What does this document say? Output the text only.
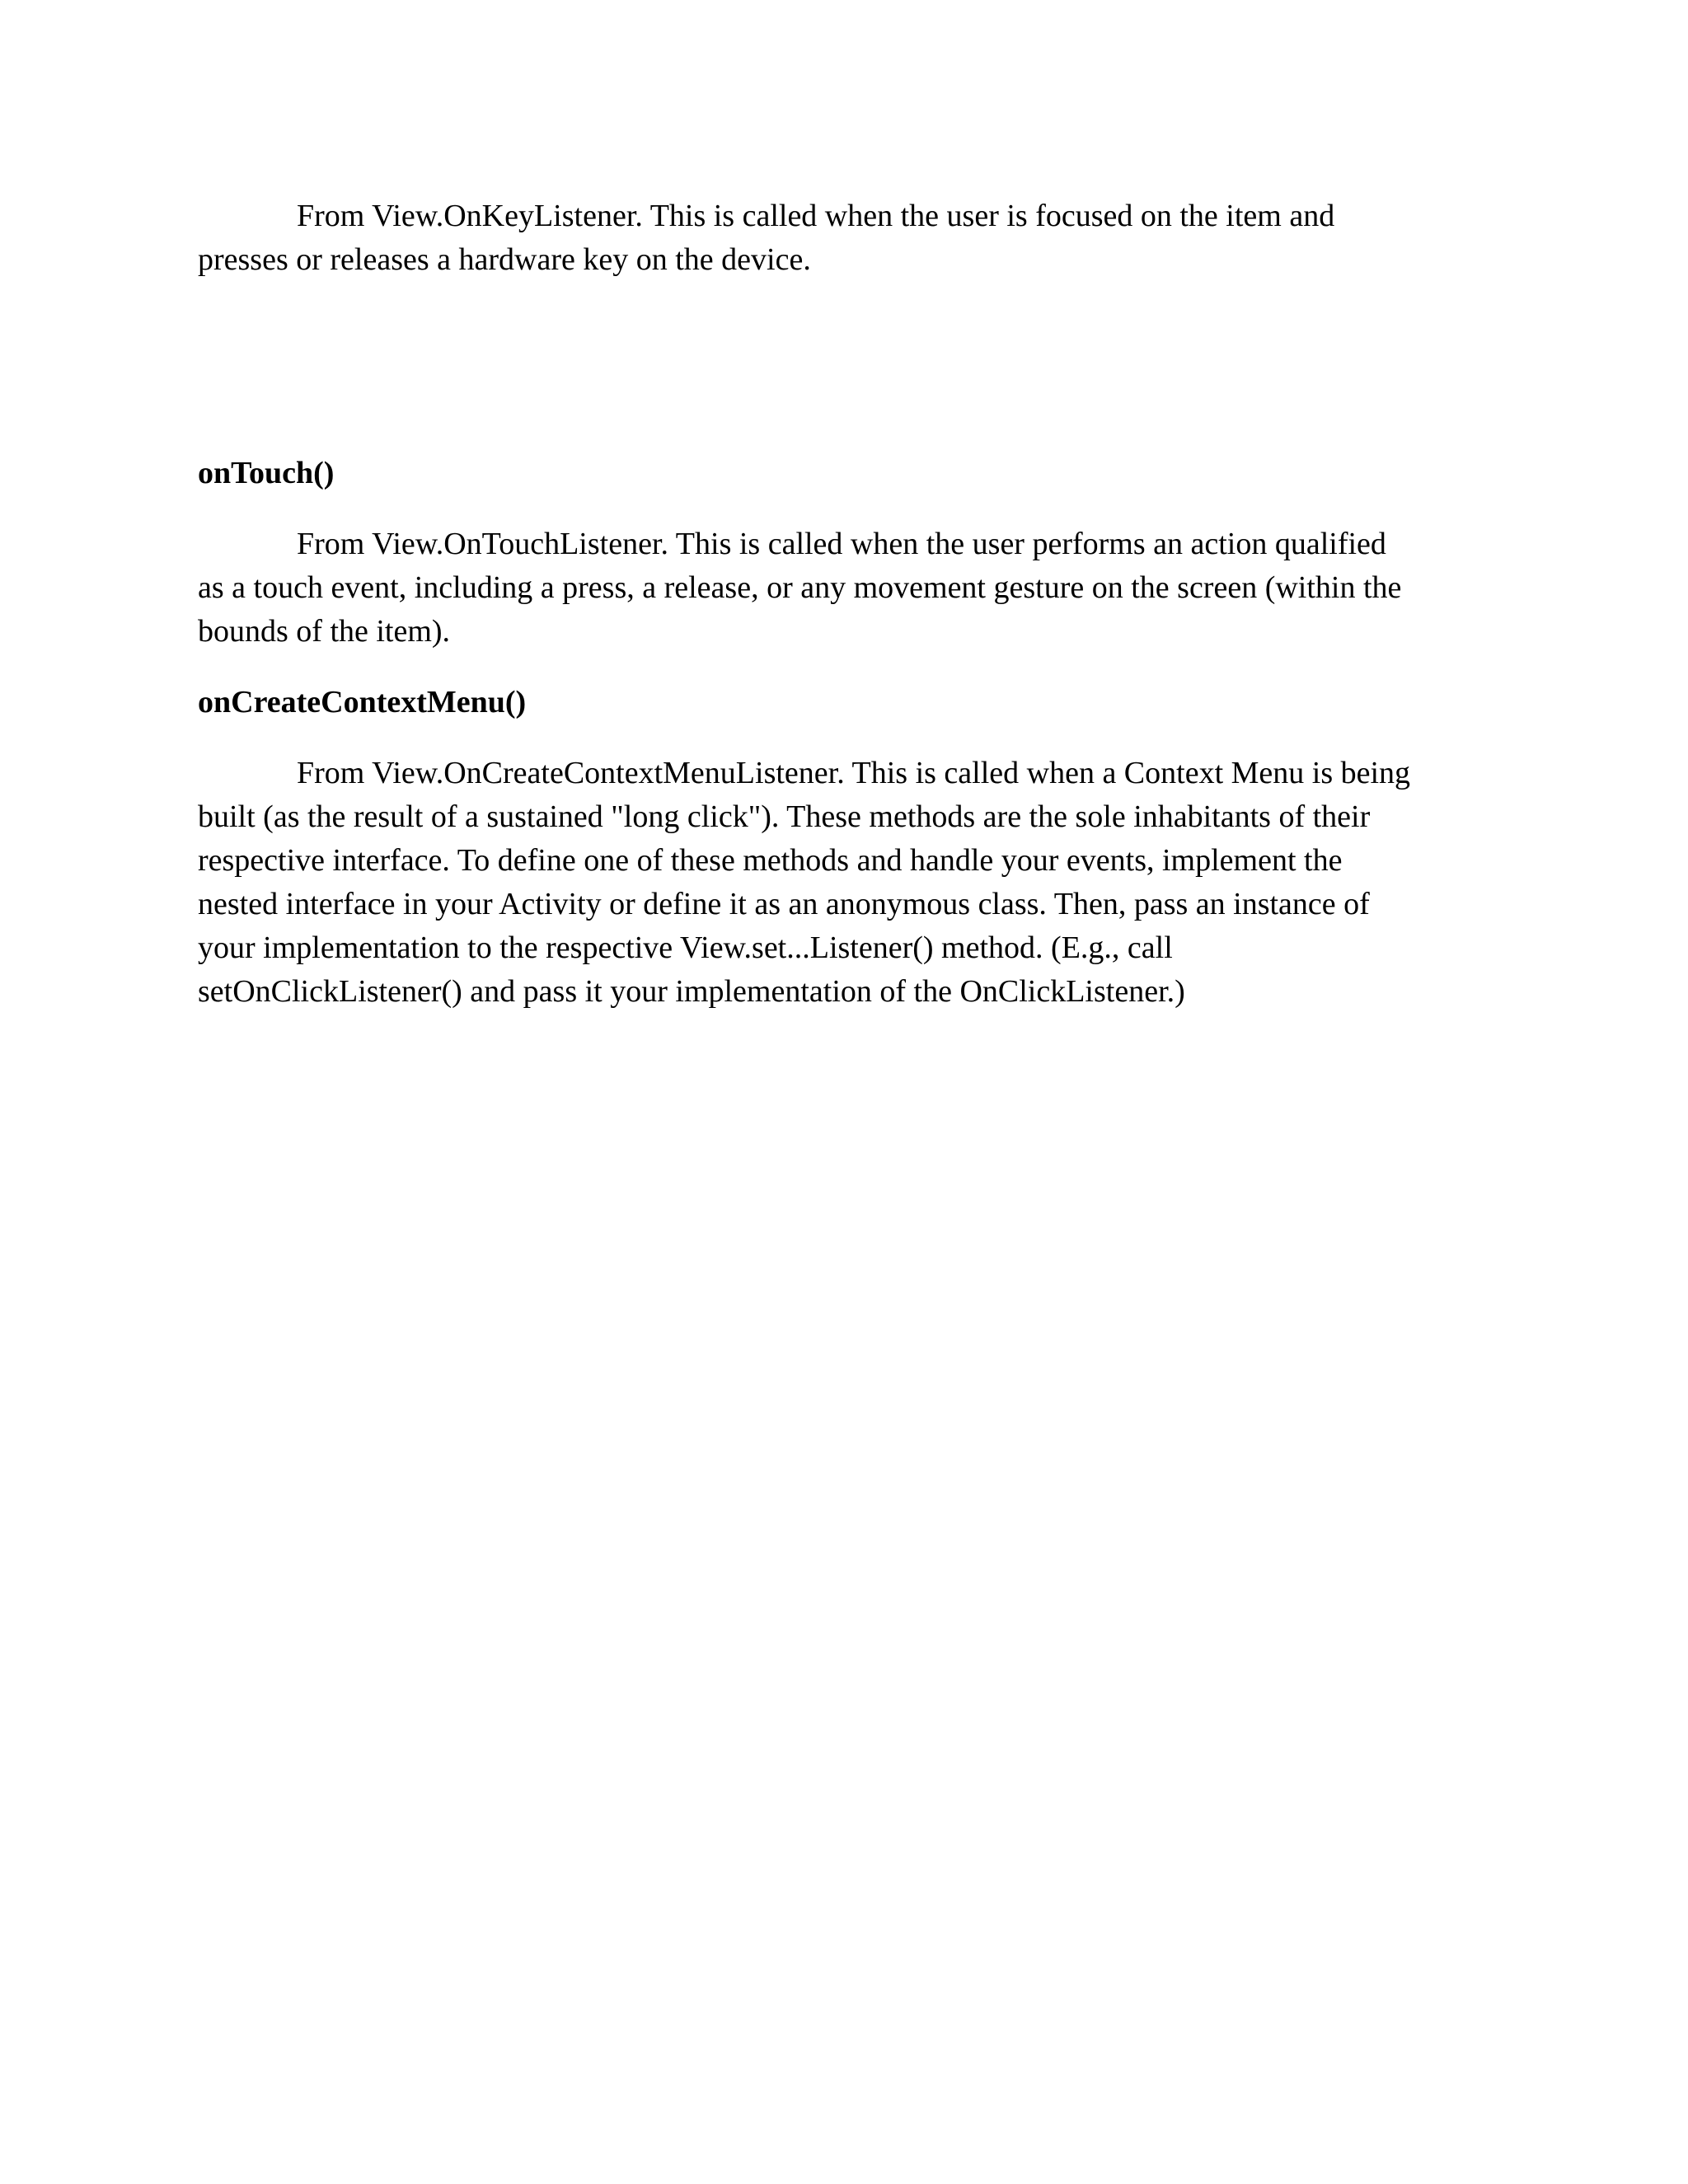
From View.OnKeyListener. This is called when the user is focused on the item and
presses or releases a hardware key on the device.

onTouch()

From View.OnTouchListener. This is called when the user performs an action qualified
as a touch event, including a press, a release, or any movement gesture on the screen (within the
bounds of the item).

onCreateContextMenu()

From View.OnCreateContextMenuListener. This is called when a Context Menu is being
built (as the result of a sustained "long click"). These methods are the sole inhabitants of their
respective interface. To define one of these methods and handle your events, implement the
nested interface in your Activity or define it as an anonymous class. Then, pass an instance of
your implementation to the respective View.set...Listener() method. (E.g., call
setOnClickListener() and pass it your implementation of the OnClickListener.)
